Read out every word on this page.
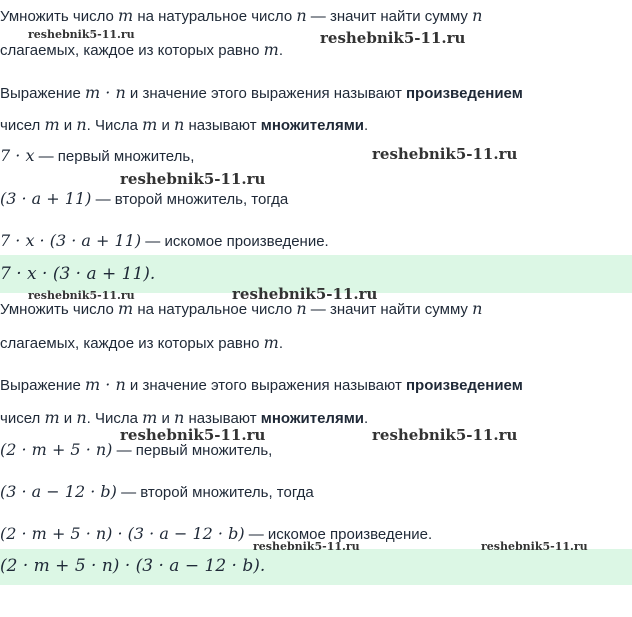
Умножить число m на натуральное число n — значит найти сумму n
слагаемых, каждое из которых равно m.
Выражение m · n и значение этого выражения называют произведением
чисел m и n. Числа m и n называют множителями.
7 · x — первый множитель,
(3 · a + 11) — второй множитель, тогда
7 · x · (3 · a + 11) — искомое произведение.
7 · x · (3 · a + 11).
Умножить число m на натуральное число n — значит найти сумму n
слагаемых, каждое из которых равно m.
Выражение m · n и значение этого выражения называют произведением
чисел m и n. Числа m и n называют множителями.
(2 · m + 5 · n) — первый множитель,
(3 · a − 12 · b) — второй множитель, тогда
(2 · m + 5 · n) · (3 · a − 12 · b) — искомое произведение.
(2 · m + 5 · n) · (3 · a − 12 · b).
reshebnik5-11.ru	reshebnik5-11.ru
reshebnik5-11.ru
reshebnik5-11.ru
reshebnik5-11.ru	reshebnik5-11.ru
reshebnik5-11.ru	reshebnik5-11.ru
reshebnik5-11.ru	reshebnik5-11.ru
